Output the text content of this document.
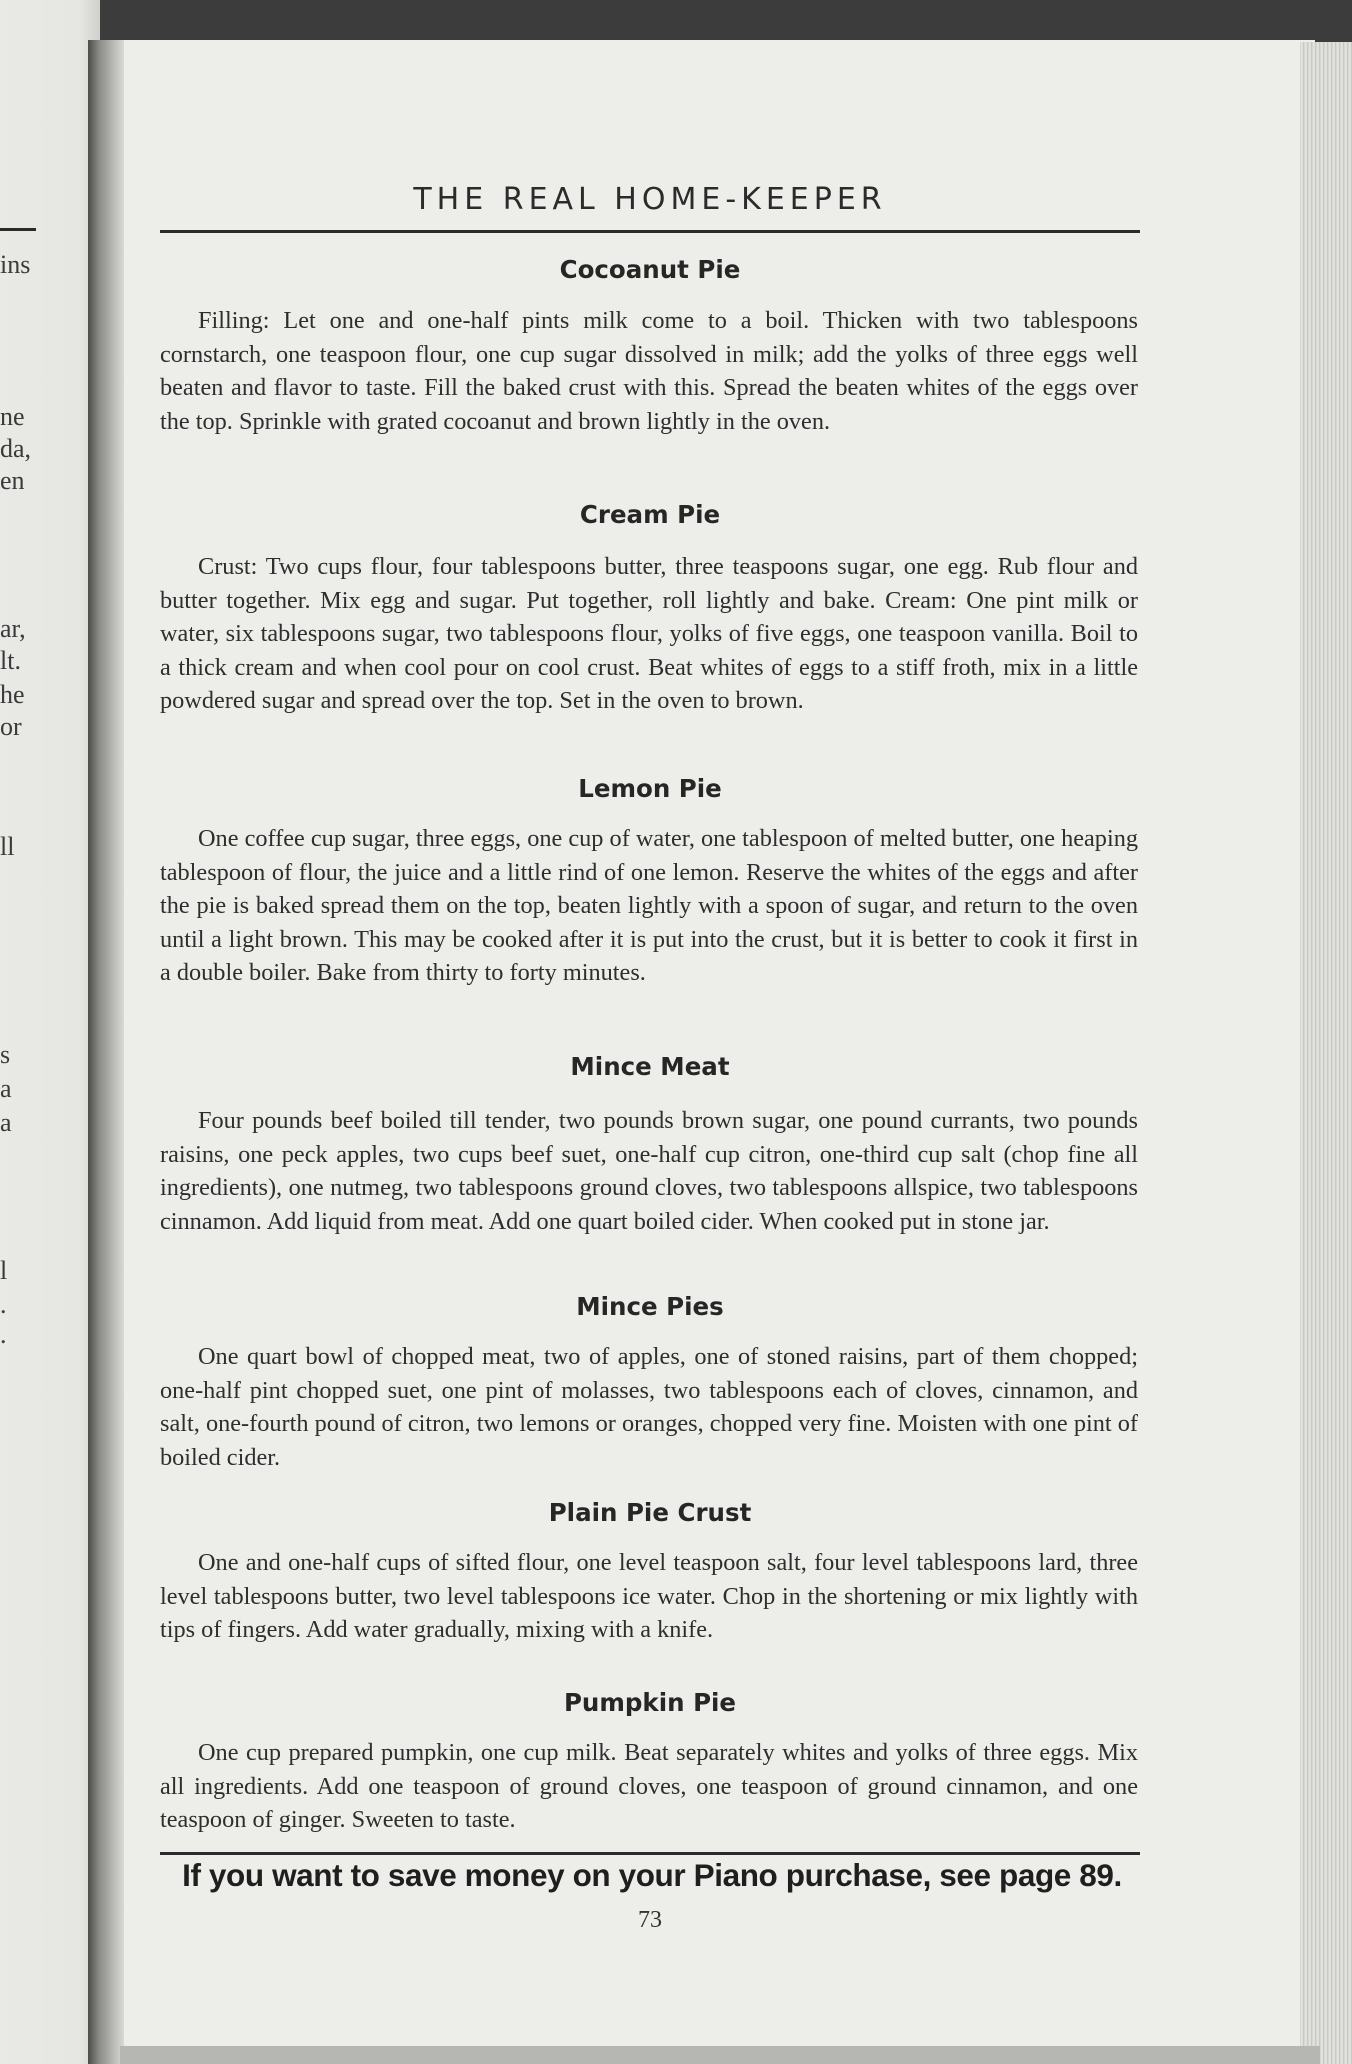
ins
ne
da,
en
ar,
lt.
he
or
ll
s
a
a
l
.
.
THE REAL HOME-KEEPER
Cocoanut Pie

Filling: Let one and one-half pints milk come to a boil. Thicken with two tablespoons cornstarch, one teaspoon flour, one cup sugar dissolved in milk; add the yolks of three eggs well beaten and flavor to taste. Fill the baked crust with this. Spread the beaten whites of the eggs over the top. Sprinkle with grated cocoanut and brown lightly in the oven.

Cream Pie

Crust: Two cups flour, four tablespoons butter, three teaspoons sugar, one egg. Rub flour and butter together. Mix egg and sugar. Put together, roll lightly and bake. Cream: One pint milk or water, six tablespoons sugar, two tablespoons flour, yolks of five eggs, one teaspoon vanilla. Boil to a thick cream and when cool pour on cool crust. Beat whites of eggs to a stiff froth, mix in a little powdered sugar and spread over the top. Set in the oven to brown.

Lemon Pie

One coffee cup sugar, three eggs, one cup of water, one tablespoon of melted butter, one heaping tablespoon of flour, the juice and a little rind of one lemon. Reserve the whites of the eggs and after the pie is baked spread them on the top, beaten lightly with a spoon of sugar, and return to the oven until a light brown. This may be cooked after it is put into the crust, but it is better to cook it first in a double boiler. Bake from thirty to forty minutes.

Mince Meat

Four pounds beef boiled till tender, two pounds brown sugar, one pound currants, two pounds raisins, one peck apples, two cups beef suet, one-half cup citron, one-third cup salt (chop fine all ingredients), one nutmeg, two tablespoons ground cloves, two tablespoons allspice, two tablespoons cinnamon. Add liquid from meat. Add one quart boiled cider. When cooked put in stone jar.

Mince Pies

One quart bowl of chopped meat, two of apples, one of stoned raisins, part of them chopped; one-half pint chopped suet, one pint of molasses, two tablespoons each of cloves, cinnamon, and salt, one-fourth pound of citron, two lemons or oranges, chopped very fine. Moisten with one pint of boiled cider.

Plain Pie Crust

One and one-half cups of sifted flour, one level teaspoon salt, four level tablespoons lard, three level tablespoons butter, two level tablespoons ice water. Chop in the shortening or mix lightly with tips of fingers. Add water gradually, mixing with a knife.

Pumpkin Pie

One cup prepared pumpkin, one cup milk. Beat separately whites and yolks of three eggs. Mix all ingredients. Add one teaspoon of ground cloves, one teaspoon of ground cinnamon, and one teaspoon of ginger. Sweeten to taste.

If you want to save money on your Piano purchase, see page 89.
73
